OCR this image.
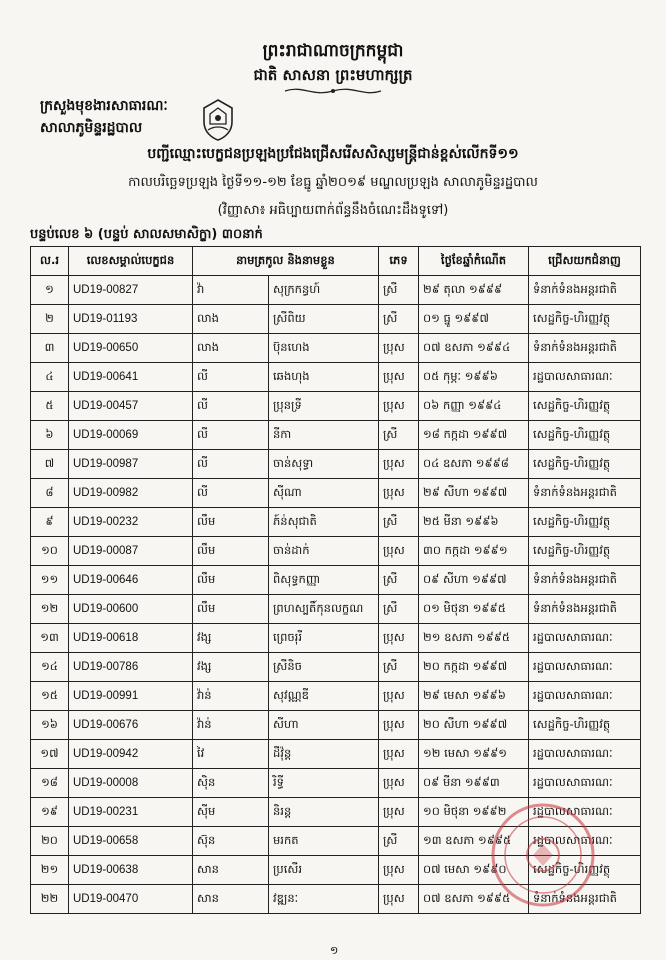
ព្រះរាជាណាចក្រកម្ពុជា
ជាតិ សាសនា ព្រះមហាក្សត្រ
ក្រសួងមុខងារសាធារណៈ
សាលាភូមិន្ទរដ្ឋបាល
បញ្ជីឈ្មោះបេក្ខជនប្រឡងប្រជែងជ្រើសរើសសិស្សមន្ត្រីជាន់ខ្ពស់លើកទី១១
កាលបរិច្ឆេទប្រឡង ថ្ងៃទី១១-១២ ខែធ្នូ ឆ្នាំ២០១៩ មណ្ឌលប្រឡង សាលាភូមិន្ទរដ្ឋបាល
(វិញ្ញាសា៖ អធិប្បាយពាក់ព័ន្ធនឹងចំណេះដឹងទូទៅ)
បន្ទប់លេខ ៦ (បន្ទប់ សាលសមាសិក្ខា) ៣០នាក់
ល.រ	លេខសម្គាល់បេក្ខជន	នាមត្រកូល និងនាមខ្លួន		ភេទ	ថ្ងៃខែឆ្នាំកំណើត	ជ្រើសយកជំនាញ
១	UD19-00827	វ៉ា	សុក្រកន្ធហ៍	ស្រី	២៩ តុលា ១៩៩៩	ទំនាក់ទំនងអន្តរជាតិ
២	UD19-01193	លាង	ស្រីពិយ	ស្រី	០១ ធ្នូ ១៩៩៧	សេដ្ឋកិច្ច-ហិរញ្ញវត្ថុ
៣	UD19-00650	លាង	ប៊ុនហេង	ប្រុស	០៧ ឧសភា ១៩៩៤	ទំនាក់ទំនងអន្តរជាតិ
៤	UD19-00641	លី	ឆេងហុង	ប្រុស	០៥ កុម្ភៈ ១៩៩៦	រដ្ឋបាលសាធារណៈ
៥	UD19-00457	លី	ប្រុនទ្រី	ប្រុស	០៦ កញ្ញា ១៩៩៤	សេដ្ឋកិច្ច-ហិរញ្ញវត្ថុ
៦	UD19-00069	លី	នីកា	ស្រី	១៨ កក្កដា ១៩៩៧	សេដ្ឋកិច្ច-ហិរញ្ញវត្ថុ
៧	UD19-00987	លី	ចាន់សុទ្ធា	ប្រុស	០៤ ឧសភា ១៩៩៨	សេដ្ឋកិច្ច-ហិរញ្ញវត្ថុ
៨	UD19-00982	លី	ស៊ីណា	ប្រុស	២៩ សីហា ១៩៩៧	ទំនាក់ទំនងអន្តរជាតិ
៩	UD19-00232	លឹម	ភ៍ន់សុជាតិ	ស្រី	២៥ មីនា ១៩៩៦	សេដ្ឋកិច្ច-ហិរញ្ញវត្ថុ
១០	UD19-00087	លឹម	ចាន់ដាក់	ប្រុស	៣០ កក្កដា ១៩៩១	សេដ្ឋកិច្ច-ហិរញ្ញវត្ថុ
១១	UD19-00646	លឹម	ពិសុទ្ធកញ្ញា	ស្រី	០៩ សីហា ១៩៩៧	ទំនាក់ទំនងអន្តរជាតិ
១២	UD19-00600	លឹម	ព្រហស្បតិ៍កុនលក្ខណ	ស្រី	០១ មិថុនា ១៩៩៥	ទំនាក់ទំនងអន្តរជាតិ
១៣	UD19-00618	វង្ស	ព្រេចរុរី	ប្រុស	២១ ឧសភា ១៩៩៥	រដ្ឋបាលសាធារណៈ
១៤	UD19-00786	វង្ស	ស្រីនិច	ស្រី	២០ កក្កដា ១៩៩៧	រដ្ឋបាលសាធារណៈ
១៥	UD19-00991	វ៉ាន់	សុវណ្ណឌី	ប្រុស	២៩ មេសា ១៩៩៦	រដ្ឋបាលសាធារណៈ
១៦	UD19-00676	វ៉ាន់	សីហា	ប្រុស	២០ សីហា ១៩៩៧	សេដ្ឋកិច្ច-ហិរញ្ញវត្ថុ
១៧	UD19-00942	វៃ	ដីវ៉ុន្ត	ប្រុស	១២ មេសា ១៩៩១	រដ្ឋបាលសាធារណៈ
១៨	UD19-00008	ស៊ិន	រិទ្ធី	ប្រុស	០៩ មីនា ១៩៩៣	រដ្ឋបាលសាធារណៈ
១៩	UD19-00231	ស៊ីម	និរន្ត	ប្រុស	១០ មិថុនា ១៩៩២	រដ្ឋបាលសាធារណៈ
២០	UD19-00658	ស៊ុន	មរកត	ស្រី	១៣ ឧសភា ១៩៩៥	រដ្ឋបាលសាធារណៈ
២១	UD19-00638	សាន	ប្រសើរ	ប្រុស	០៧ មេសា ១៩៩០	សេដ្ឋកិច្ច-ហិរញ្ញវត្ថុ
២២	UD19-00470	សាន	វឌ្ឍនៈ	ប្រុស	០៧ ឧសភា ១៩៩៥	ទំនាក់ទំនងអន្តរជាតិ
១
